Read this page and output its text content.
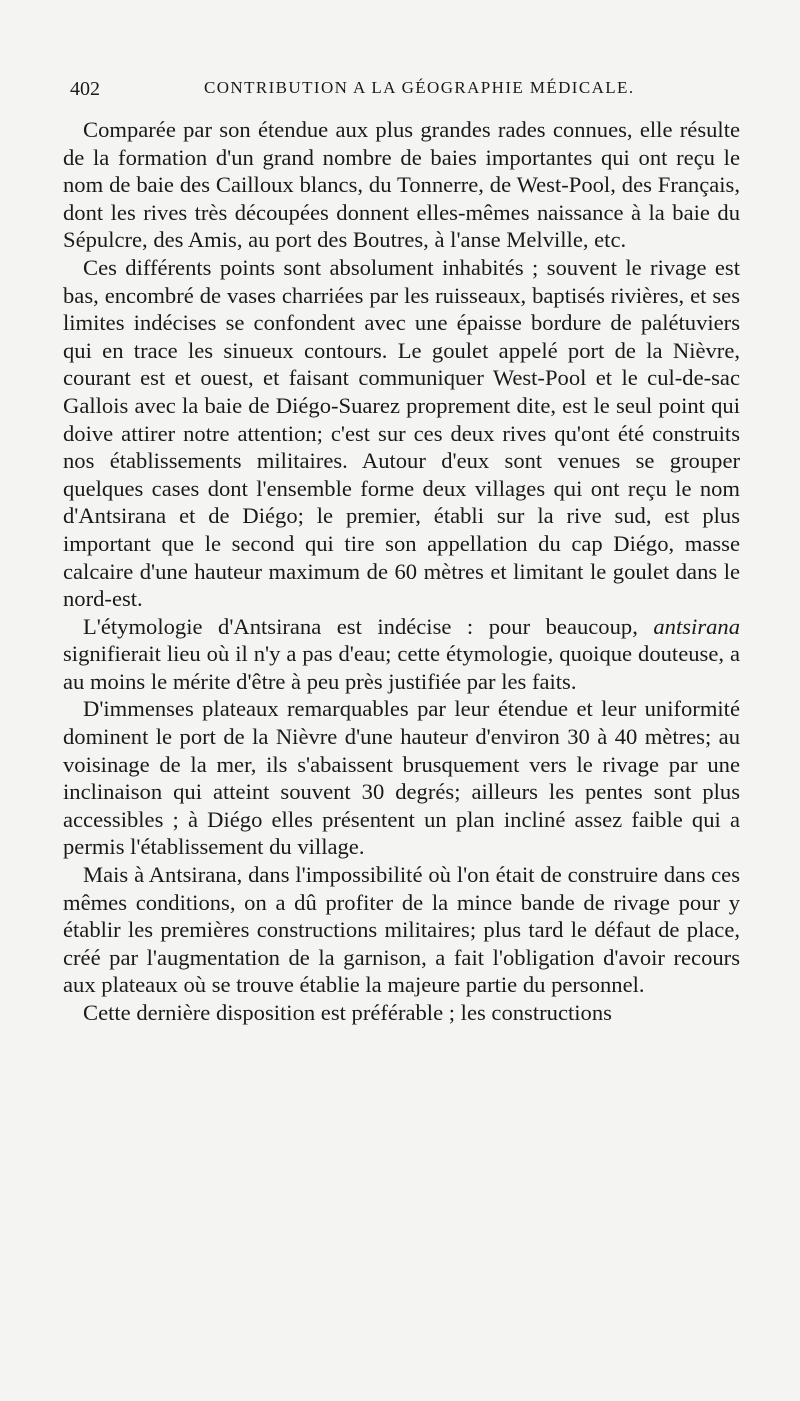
402	CONTRIBUTION A LA GÉOGRAPHIE MÉDICALE.

Comparée par son étendue aux plus grandes rades connues, elle résulte de la formation d'un grand nombre de baies importantes qui ont reçu le nom de baie des Cailloux blancs, du Tonnerre, de West-Pool, des Français, dont les rives très découpées donnent elles-mêmes naissance à la baie du Sépulcre, des Amis, au port des Boutres, à l'anse Melville, etc.

Ces différents points sont absolument inhabités ; souvent le rivage est bas, encombré de vases charriées par les ruisseaux, baptisés rivières, et ses limites indécises se confondent avec une épaisse bordure de palétuviers qui en trace les sinueux contours. Le goulet appelé port de la Nièvre, courant est et ouest, et faisant communiquer West-Pool et le cul-de-sac Gallois avec la baie de Diégo-Suarez proprement dite, est le seul point qui doive attirer notre attention; c'est sur ces deux rives qu'ont été construits nos établissements militaires. Autour d'eux sont venues se grouper quelques cases dont l'ensemble forme deux villages qui ont reçu le nom d'Antsirana et de Diégo; le premier, établi sur la rive sud, est plus important que le second qui tire son appellation du cap Diégo, masse calcaire d'une hauteur maximum de 60 mètres et limitant le goulet dans le nord-est.

L'étymologie d'Antsirana est indécise : pour beaucoup, antsirana signifierait lieu où il n'y a pas d'eau; cette étymologie, quoique douteuse, a au moins le mérite d'être à peu près justifiée par les faits.

D'immenses plateaux remarquables par leur étendue et leur uniformité dominent le port de la Nièvre d'une hauteur d'environ 30 à 40 mètres; au voisinage de la mer, ils s'abaissent brusquement vers le rivage par une inclinaison qui atteint souvent 30 degrés; ailleurs les pentes sont plus accessibles ; à Diégo elles présentent un plan incliné assez faible qui a permis l'établissement du village.

Mais à Antsirana, dans l'impossibilité où l'on était de construire dans ces mêmes conditions, on a dû profiter de la mince bande de rivage pour y établir les premières constructions militaires; plus tard le défaut de place, créé par l'augmentation de la garnison, a fait l'obligation d'avoir recours aux plateaux où se trouve établie la majeure partie du personnel.

Cette dernière disposition est préférable ; les constructions
